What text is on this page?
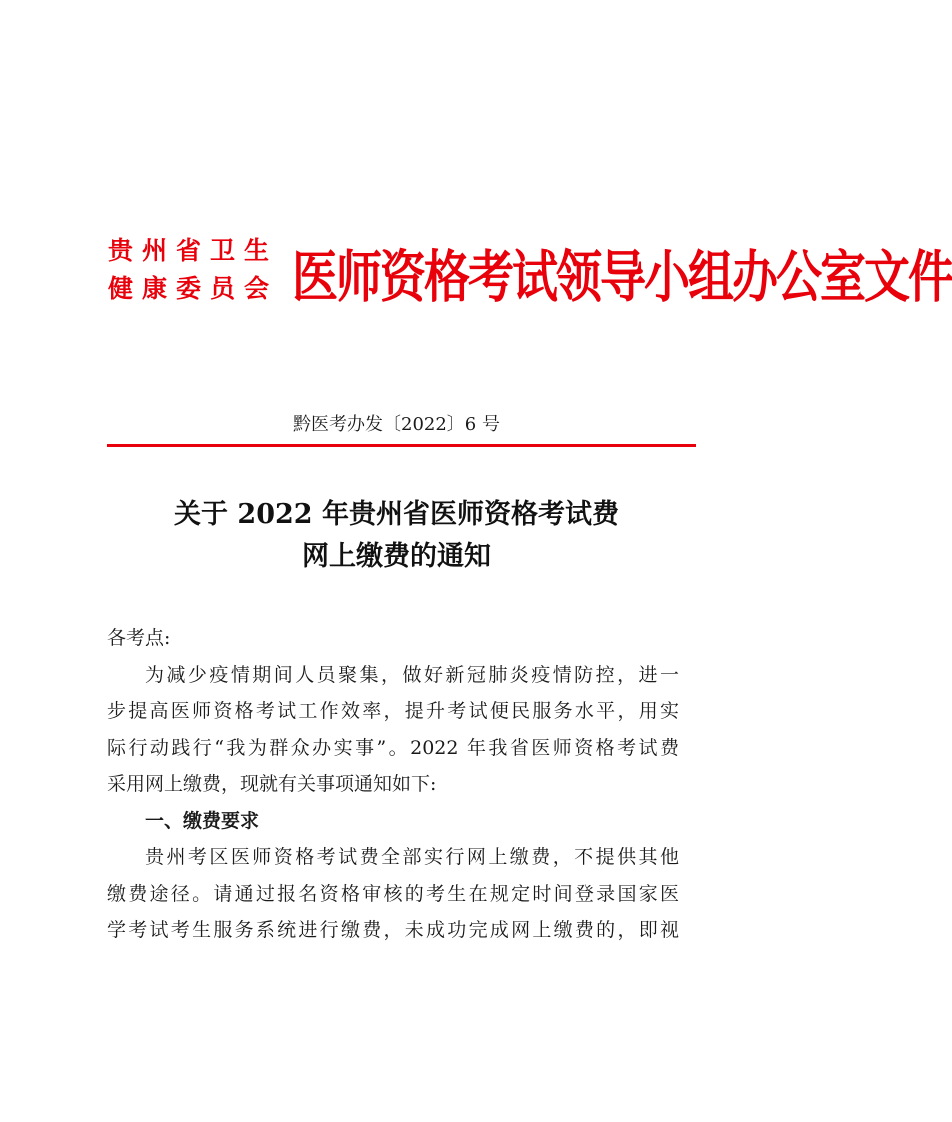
贵州省卫生
健康委员会 医师资格考试领导小组办公室文件
黔医考办发〔2022〕6 号
关于 2022 年贵州省医师资格考试费
网上缴费的通知
各考点:
为减少疫情期间人员聚集，做好新冠肺炎疫情防控，进一
步提高医师资格考试工作效率，提升考试便民服务水平，用实
际行动践行“我为群众办实事”。2022 年我省医师资格考试费
采用网上缴费，现就有关事项通知如下:
一、缴费要求
贵州考区医师资格考试费全部实行网上缴费，不提供其他
缴费途径。请通过报名资格审核的考生在规定时间登录国家医
学考试考生服务系统进行缴费，未成功完成网上缴费的，即视
